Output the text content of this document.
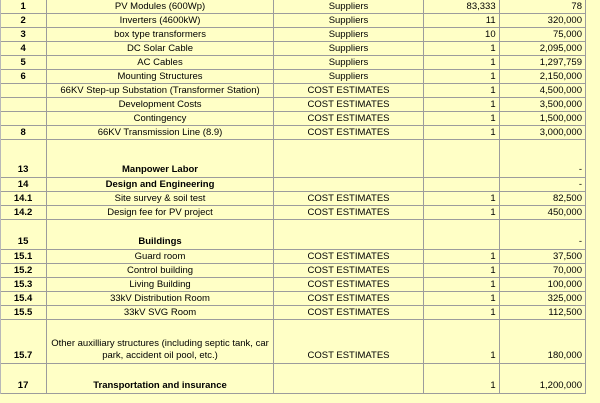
	1	PV Modules (600Wp)	Suppliers	83,333	78
	2	Inverters (4600kW)	Suppliers	11	320,000
	3	box type transformers	Suppliers	10	75,000
	4	DC Solar Cable	Suppliers	1	2,095,000
	5	AC Cables	Suppliers	1	1,297,759
	6	Mounting Structures	Suppliers	1	2,150,000
		66KV Step-up Substation (Transformer Station)	COST ESTIMATES	1	4,500,000
		Development Costs	COST ESTIMATES	1	3,500,000
		Contingency	COST ESTIMATES	1	1,500,000
	8	66KV Transmission Line (8.9)	COST ESTIMATES	1	3,000,000
	13	Manpower Labor			-
	14	Design and Engineering			-
	14.1	Site survey & soil test	COST ESTIMATES	1	82,500
	14.2	Design fee for PV project	COST ESTIMATES	1	450,000
	15	Buildings			-
	15.1	Guard room	COST ESTIMATES	1	37,500
	15.2	Control building	COST ESTIMATES	1	70,000
	15.3	Living Building	COST ESTIMATES	1	100,000
	15.4	33kV Distribution Room	COST ESTIMATES	1	325,000
	15.5	33kV SVG Room	COST ESTIMATES	1	112,500
	15.7	Other auxilliary structures (including septic tank, car park, accident oil pool, etc.)	COST ESTIMATES	1	180,000
	17	Transportation and insurance		1	1,200,000
